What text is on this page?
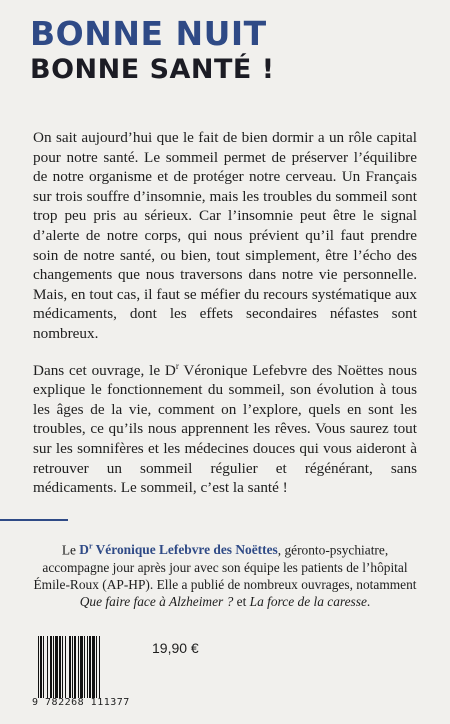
BONNE NUIT
BONNE SANTÉ !

On sait aujourd’hui que le fait de bien dormir a un rôle capital pour notre santé. Le sommeil permet de préserver l’équilibre de notre organisme et de protéger notre cerveau. Un Français sur trois souffre d’insomnie, mais les troubles du sommeil sont trop peu pris au sérieux. Car l’insomnie peut être le signal d’alerte de notre corps, qui nous prévient qu’il faut prendre soin de notre santé, ou bien, tout simplement, être l’écho des changements que nous traversons dans notre vie personnelle. Mais, en tout cas, il faut se méfier du recours systématique aux médicaments, dont les effets secondaires néfastes sont nombreux.

Dans cet ouvrage, le $D^r$ Véronique Lefebvre des Noëttes nous explique le fonctionnement du sommeil, son évolution à tous les âges de la vie, comment on l’explore, quels en sont les troubles, ce qu’ils nous apprennent les rêves. Vous saurez tout sur les somnifères et les médecines douces qui vous aideront à retrouver un sommeil régulier et régénérant, sans médicaments. Le sommeil, c’est la santé !

Le $D^r$ Véronique Lefebvre des Noëttes, géronto-psychiatre, accompagne jour après jour avec son équipe les patients de l’hôpital Émile-Roux (AP-HP). Elle a publié de nombreux ouvrages, notamment Que faire face à Alzheimer ? et La force de la caresse.
9 782268 111377
19,90 €
